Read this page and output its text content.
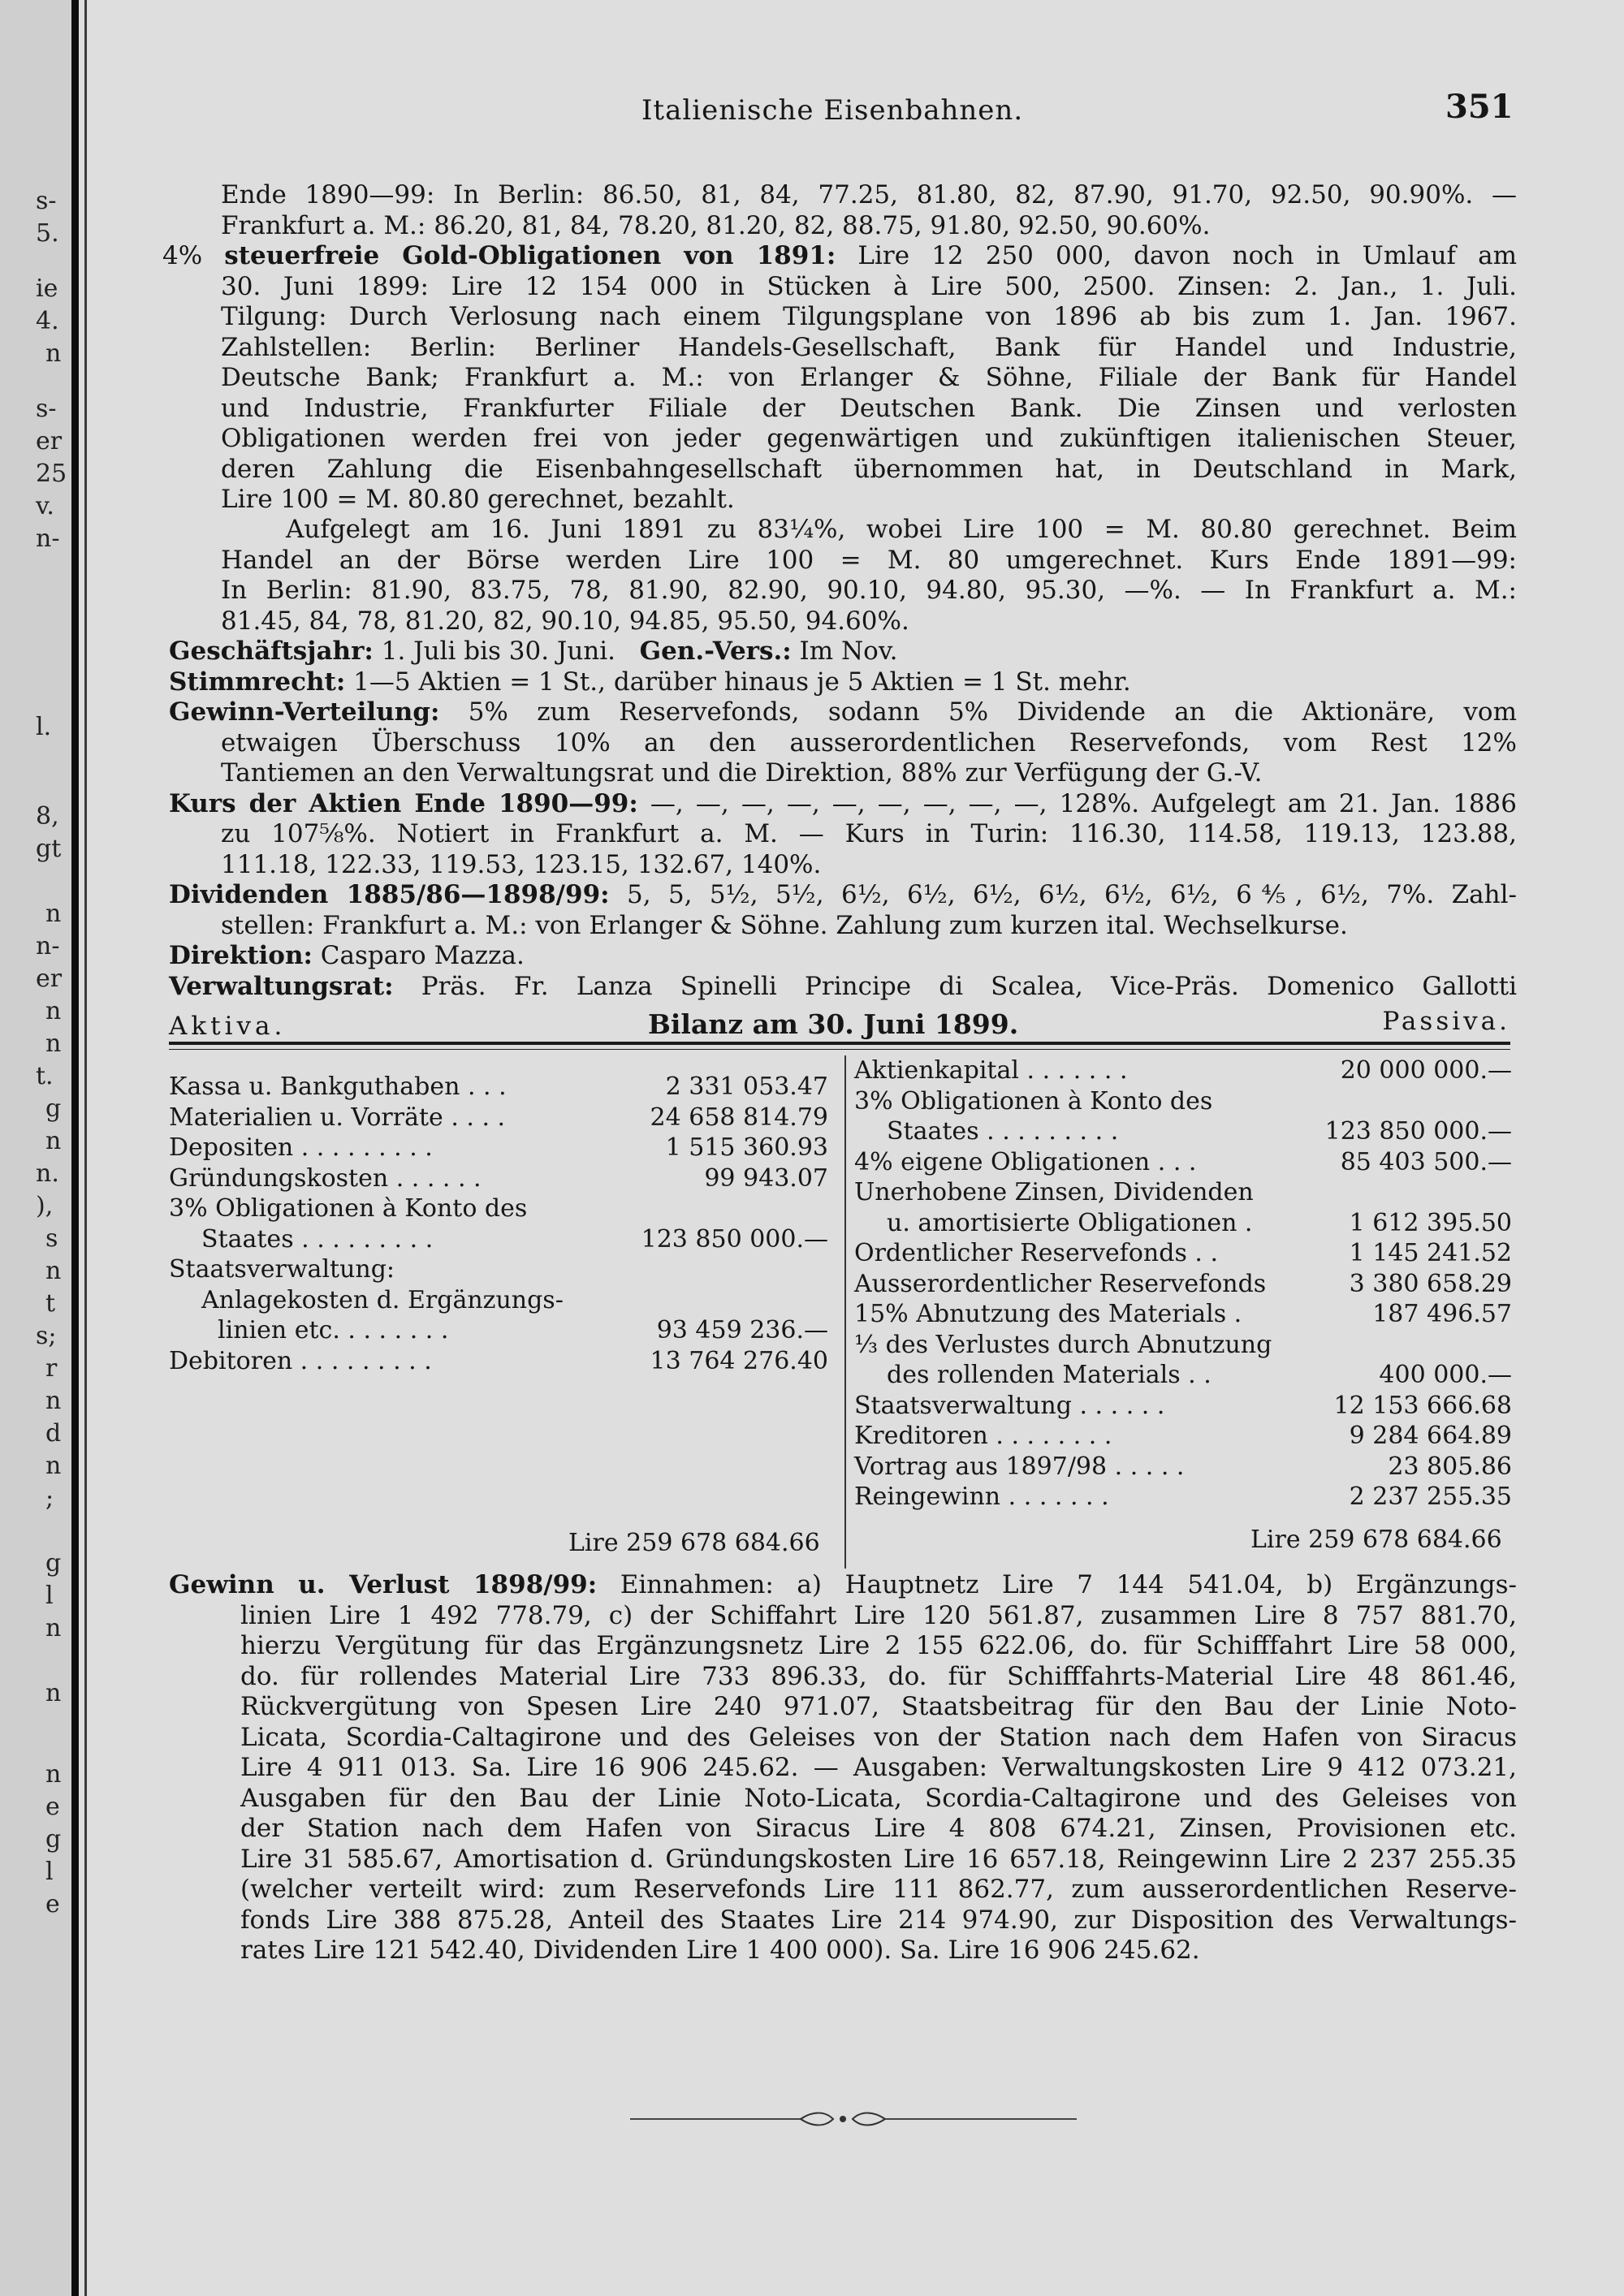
s-
5.
ie
4.
n
s-
er
25
v.
n-
l.
8,
gt
n
n-
er
n
n
t.
g
n
n.
),
s
n
t
s;
r
n
d
n
;
g
l
n
n
n
e
g
l
e
Italienische Eisenbahnen.	351
Ende 1890—99: In Berlin: 86.50, 81, 84, 77.25, 81.80, 82, 87.90, 91.70, 92.50, 90.90%. —
Frankfurt a. M.: 86.20, 81, 84, 78.20, 81.20, 82, 88.75, 91.80, 92.50, 90.60%.
4% steuerfreie Gold-Obligationen von 1891: Lire 12 250 000, davon noch in Umlauf am
30. Juni 1899: Lire 12 154 000 in Stücken à Lire 500, 2500. Zinsen: 2. Jan., 1. Juli.
Tilgung: Durch Verlosung nach einem Tilgungsplane von 1896 ab bis zum 1. Jan. 1967.
Zahlstellen: Berlin: Berliner Handels-Gesellschaft, Bank für Handel und Industrie,
Deutsche Bank; Frankfurt a. M.: von Erlanger & Söhne, Filiale der Bank für Handel
und Industrie, Frankfurter Filiale der Deutschen Bank. Die Zinsen und verlosten
Obligationen werden frei von jeder gegenwärtigen und zukünftigen italienischen Steuer,
deren Zahlung die Eisenbahngesellschaft übernommen hat, in Deutschland in Mark,
Lire 100 = M. 80.80 gerechnet, bezahlt.
Aufgelegt am 16. Juni 1891 zu 83¼%, wobei Lire 100 = M. 80.80 gerechnet. Beim
Handel an der Börse werden Lire 100 = M. 80 umgerechnet. Kurs Ende 1891—99:
In Berlin: 81.90, 83.75, 78, 81.90, 82.90, 90.10, 94.80, 95.30, —%. — In Frankfurt a. M.:
81.45, 84, 78, 81.20, 82, 90.10, 94.85, 95.50, 94.60%.
Geschäftsjahr: 1. Juli bis 30. Juni. Gen.-Vers.: Im Nov.
Stimmrecht: 1—5 Aktien = 1 St., darüber hinaus je 5 Aktien = 1 St. mehr.
Gewinn-Verteilung: 5% zum Reservefonds, sodann 5% Dividende an die Aktionäre, vom
etwaigen Überschuss 10% an den ausserordentlichen Reservefonds, vom Rest 12%
Tantiemen an den Verwaltungsrat und die Direktion, 88% zur Verfügung der G.-V.
Kurs der Aktien Ende 1890—99: —, —, —, —, —, —, —, —, —, 128%. Aufgelegt am 21. Jan. 1886
zu 107⅝%. Notiert in Frankfurt a. M. — Kurs in Turin: 116.30, 114.58, 119.13, 123.88,
111.18, 122.33, 119.53, 123.15, 132.67, 140%.
Dividenden 1885/86—1898/99: 5, 5, 5½, 5½, 6½, 6½, 6½, 6½, 6½, 6½, 6⅘, 6½, 7%. Zahl-
stellen: Frankfurt a. M.: von Erlanger & Söhne. Zahlung zum kurzen ital. Wechselkurse.
Direktion: Casparo Mazza.
Verwaltungsrat: Präs. Fr. Lanza Spinelli Principe di Scalea, Vice-Präs. Domenico Gallotti
Aktiva.	Bilanz am 30. Juni 1899.	Passiva.
Kassa u. Bankguthaben . . .	2 331 053.47
Materialien u. Vorräte . . . .	24 658 814.79
Depositen . . . . . . . . .	1 515 360.93
Gründungskosten . . . . . .	99 943.07
3% Obligationen à Konto des
Staates . . . . . . . . .	123 850 000.—
Staatsverwaltung:
Anlagekosten d. Ergänzungs-
linien etc. . . . . . . .	93 459 236.—
Debitoren . . . . . . . . .	13 764 276.40
Aktienkapital . . . . . . .	20 000 000.—
3% Obligationen à Konto des
Staates . . . . . . . . .	123 850 000.—
4% eigene Obligationen . . .	85 403 500.—
Unerhobene Zinsen, Dividenden
u. amortisierte Obligationen .	1 612 395.50
Ordentlicher Reservefonds . .	1 145 241.52
Ausserordentlicher Reservefonds	3 380 658.29
15% Abnutzung des Materials .	187 496.57
⅓ des Verlustes durch Abnutzung
des rollenden Materials . .	400 000.—
Staatsverwaltung . . . . . .	12 153 666.68
Kreditoren . . . . . . . .	9 284 664.89
Vortrag aus 1897/98 . . . . .	23 805.86
Reingewinn . . . . . . .	2 237 255.35
Lire 259 678 684.66	Lire 259 678 684.66
Gewinn u. Verlust 1898/99: Einnahmen: a) Hauptnetz Lire 7 144 541.04, b) Ergänzungs-
linien Lire 1 492 778.79, c) der Schiffahrt Lire 120 561.87, zusammen Lire 8 757 881.70,
hierzu Vergütung für das Ergänzungsnetz Lire 2 155 622.06, do. für Schifffahrt Lire 58 000,
do. für rollendes Material Lire 733 896.33, do. für Schifffahrts-Material Lire 48 861.46,
Rückvergütung von Spesen Lire 240 971.07, Staatsbeitrag für den Bau der Linie Noto-
Licata, Scordia-Caltagirone und des Geleises von der Station nach dem Hafen von Siracus
Lire 4 911 013. Sa. Lire 16 906 245.62. — Ausgaben: Verwaltungskosten Lire 9 412 073.21,
Ausgaben für den Bau der Linie Noto-Licata, Scordia-Caltagirone und des Geleises von
der Station nach dem Hafen von Siracus Lire 4 808 674.21, Zinsen, Provisionen etc.
Lire 31 585.67, Amortisation d. Gründungskosten Lire 16 657.18, Reingewinn Lire 2 237 255.35
(welcher verteilt wird: zum Reservefonds Lire 111 862.77, zum ausserordentlichen Reserve-
fonds Lire 388 875.28, Anteil des Staates Lire 214 974.90, zur Disposition des Verwaltungs-
rates Lire 121 542.40, Dividenden Lire 1 400 000). Sa. Lire 16 906 245.62.
